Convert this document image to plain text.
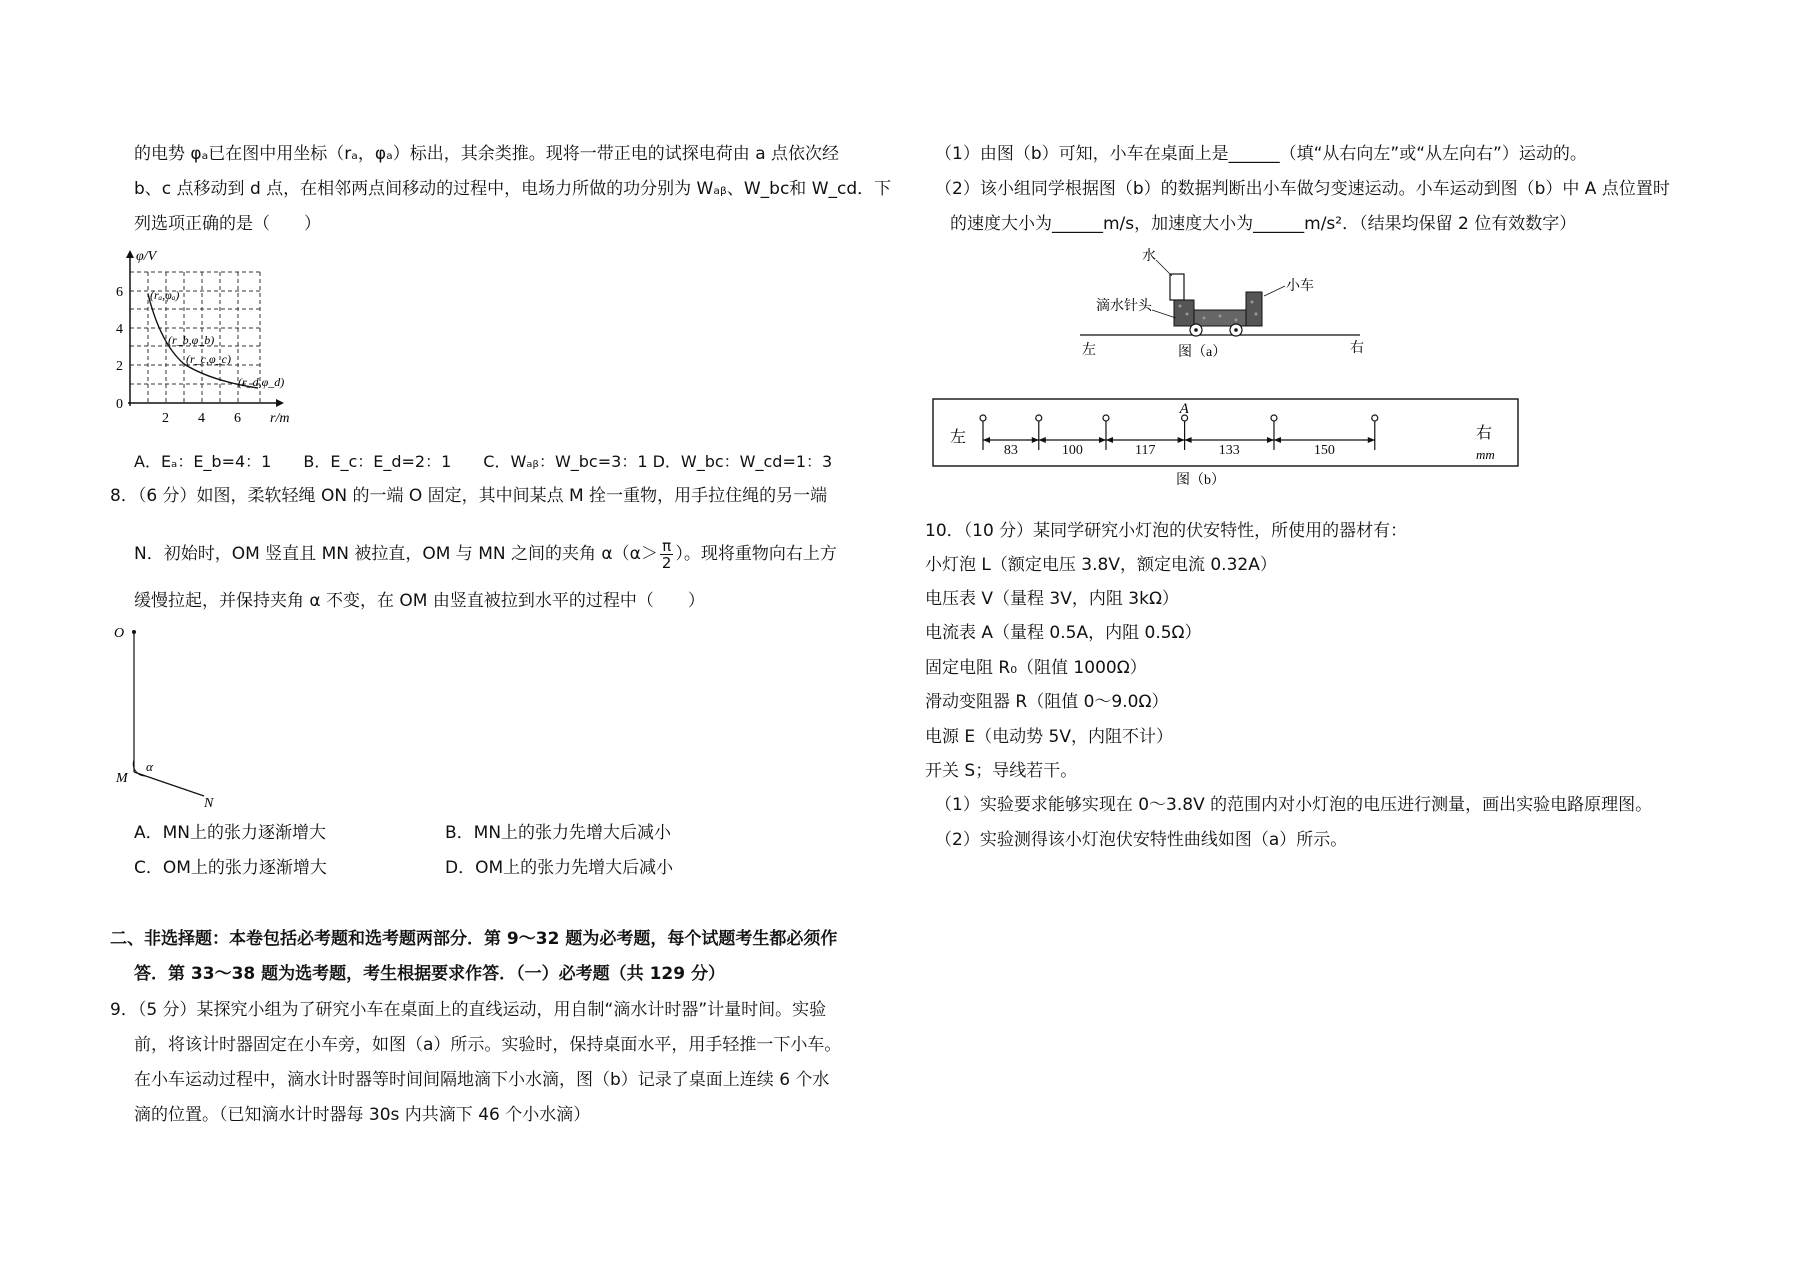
的电势 φₐ已在图中用坐标（rₐ，φₐ）标出，其余类推。现将一带正电的试探电荷由 a 点依次经
b、c 点移动到 d 点，在相邻两点间移动的过程中，电场力所做的功分别为 Wₐᵦ、W_bc和 W_cd．下
列选项正确的是（　　）
φ/V
r/m
6
4
2
0
2 4 6
(rₐ,φₐ)
(r_b,φ_b)
(r_c,φ_c)
(r_d,φ_d)
A．Eₐ：E_b=4：1　　B．E_c：E_d=2：1　　C．Wₐᵦ：W_bc=3：1 D．W_bc：W_cd=1：3
8．（6 分）如图，柔软轻绳 ON 的一端 O 固定，其中间某点 M 拴一重物，用手拉住绳的另一端
N．初始时，OM 竖直且 MN 被拉直，OM 与 MN 之间的夹角 $\alpha(\alpha> \frac{\pi}{2}$ ）。现将重物向右上方
缓慢拉起，并保持夹角 α 不变，在 OM 由竖直被拉到水平的过程中（　　）
O
M
N
α
A．MN上的张力逐渐增大	B．MN上的张力先增大后减小
C．OM上的张力逐渐增大	D．OM上的张力先增大后减小
二、非选择题：本卷包括必考题和选考题两部分．第 9～32 题为必考题，每个试题考生都必须作
答．第 33～38 题为选考题，考生根据要求作答．（一）必考题（共 129 分）
9．（5 分）某探究小组为了研究小车在桌面上的直线运动，用自制“滴水计时器”计量时间。实验
前，将该计时器固定在小车旁，如图（a）所示。实验时，保持桌面水平，用手轻推一下小车。
在小车运动过程中，滴水计时器等时间间隔地滴下小水滴，图（b）记录了桌面上连续 6 个水
滴的位置。（已知滴水计时器每 30s 内共滴下 46 个小水滴）
（1）由图（b）可知，小车在桌面上是______（填“从右向左”或“从左向右”）运动的。
（2）该小组同学根据图（b）的数据判断出小车做匀变速运动。小车运动到图（b）中 A 点位置时
的速度大小为______m/s，加速度大小为______m/s²．（结果均保留 2 位有效数字）
水
小车
滴水针头
左	右
图（a）
83	100	117	133	150
左	右
mm
A
图（b）
10．（10 分）某同学研究小灯泡的伏安特性，所使用的器材有：
小灯泡 L（额定电压 3.8V，额定电流 0.32A）
电压表 V（量程 3V，内阻 3kΩ）
电流表 A（量程 0.5A，内阻 0.5Ω）
固定电阻 R₀（阻值 1000Ω）
滑动变阻器 R（阻值 0～9.0Ω）
电源 E（电动势 5V，内阻不计）
开关 S；导线若干。
（1）实验要求能够实现在 0～3.8V 的范围内对小灯泡的电压进行测量，画出实验电路原理图。
（2）实验测得该小灯泡伏安特性曲线如图（a）所示。
